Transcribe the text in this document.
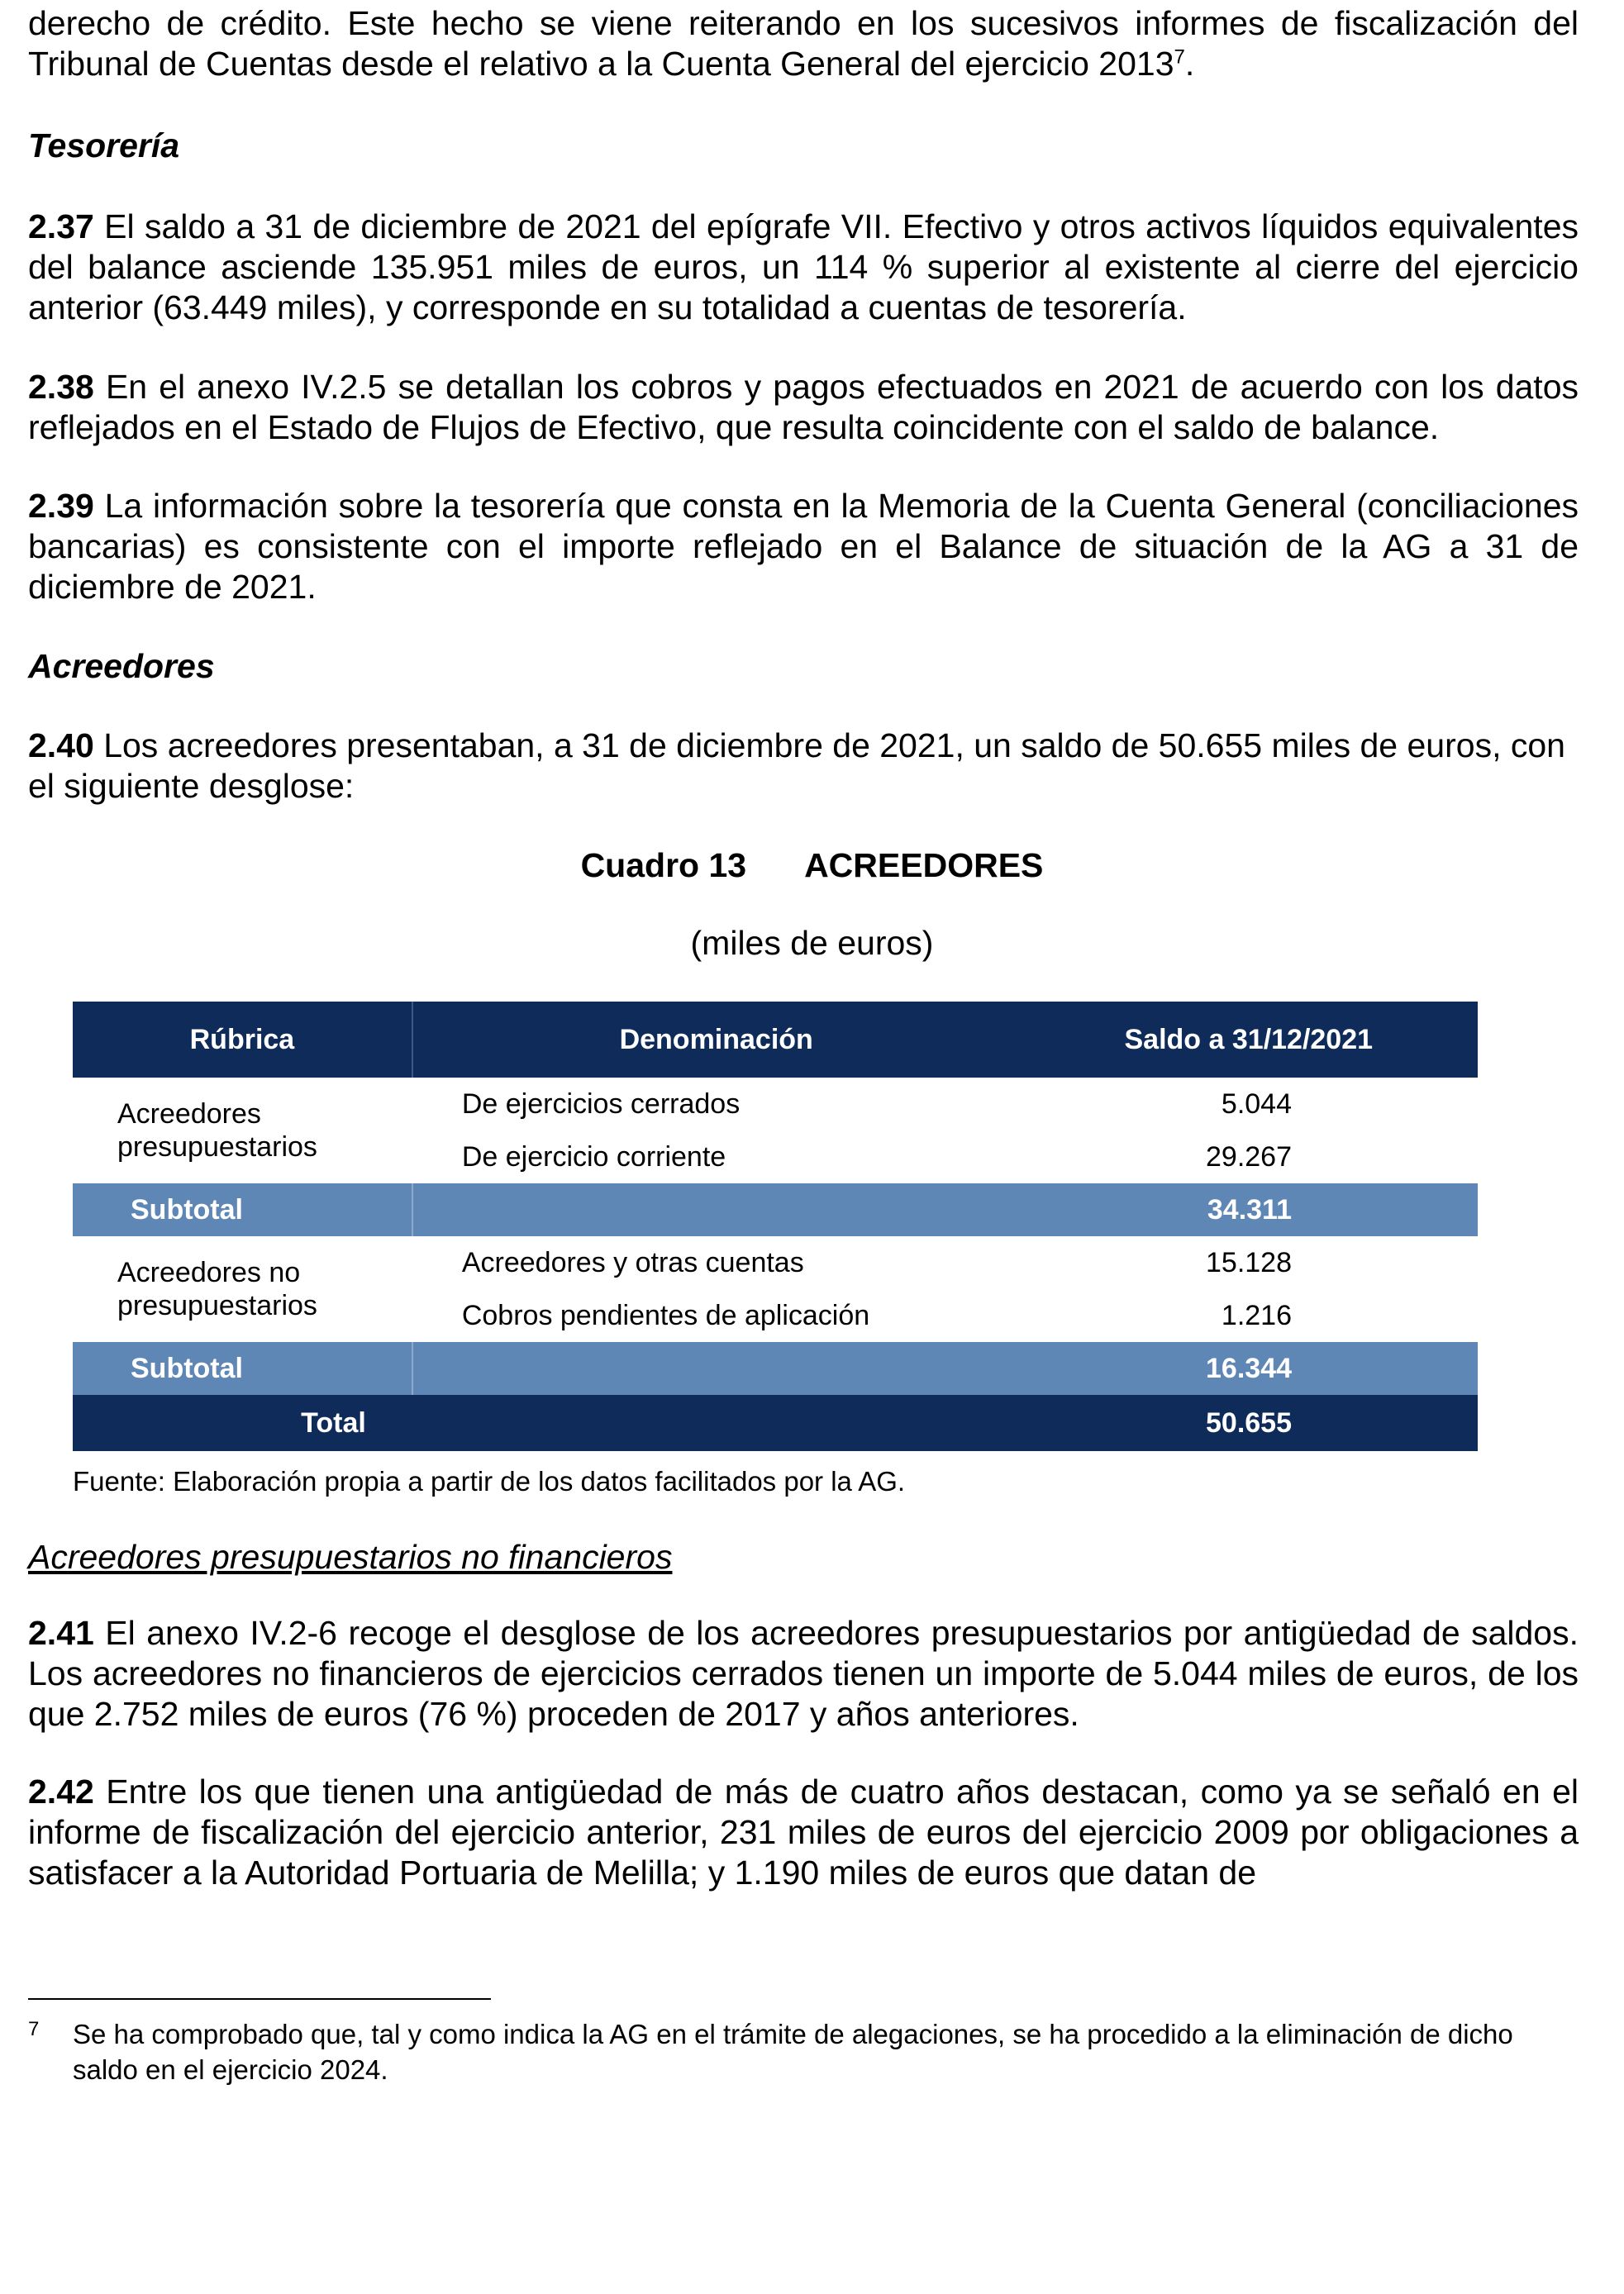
derecho de crédito. Este hecho se viene reiterando en los sucesivos informes de fiscalización del Tribunal de Cuentas desde el relativo a la Cuenta General del ejercicio 2013$^7$.

Tesorería

2.37 El saldo a 31 de diciembre de 2021 del epígrafe VII. Efectivo y otros activos líquidos equivalentes del balance asciende 135.951 miles de euros, un 114 % superior al existente al cierre del ejercicio anterior (63.449 miles), y corresponde en su totalidad a cuentas de tesorería.

2.38 En el anexo IV.2.5 se detallan los cobros y pagos efectuados en 2021 de acuerdo con los datos reflejados en el Estado de Flujos de Efectivo, que resulta coincidente con el saldo de balance.

2.39 La información sobre la tesorería que consta en la Memoria de la Cuenta General (conciliaciones bancarias) es consistente con el importe reflejado en el Balance de situación de la AG a 31 de diciembre de 2021.

Acreedores

2.40 Los acreedores presentaban, a 31 de diciembre de 2021, un saldo de 50.655 miles de euros, con el siguiente desglose:

Cuadro 13 ACREEDORES
(miles de euros)
Acreedores presupuestarios no financieros

2.41 El anexo IV.2-6 recoge el desglose de los acreedores presupuestarios por antigüedad de saldos. Los acreedores no financieros de ejercicios cerrados tienen un importe de 5.044 miles de euros, de los que 2.752 miles de euros (76 %) proceden de 2017 y años anteriores.

2.42 Entre los que tienen una antigüedad de más de cuatro años destacan, como ya se señaló en el informe de fiscalización del ejercicio anterior, 231 miles de euros del ejercicio 2009 por obligaciones a satisfacer a la Autoridad Portuaria de Melilla; y 1.190 miles de euros que datan de

Rúbrica	Denominación	Saldo a 31/12/2021
Acreedores presupuestarios	De ejercicios cerrados	5.044
	De ejercicio corriente	29.267
Subtotal		34.311
Acreedores no presupuestarios	Acreedores y otras cuentas	15.128
	Cobros pendientes de aplicación	1.216
Subtotal		16.344
Total		50.655
Fuente: Elaboración propia a partir de los datos facilitados por la AG.
7 Se ha comprobado que, tal y como indica la AG en el trámite de alegaciones, se ha procedido a la eliminación de dicho saldo en el ejercicio 2024.
